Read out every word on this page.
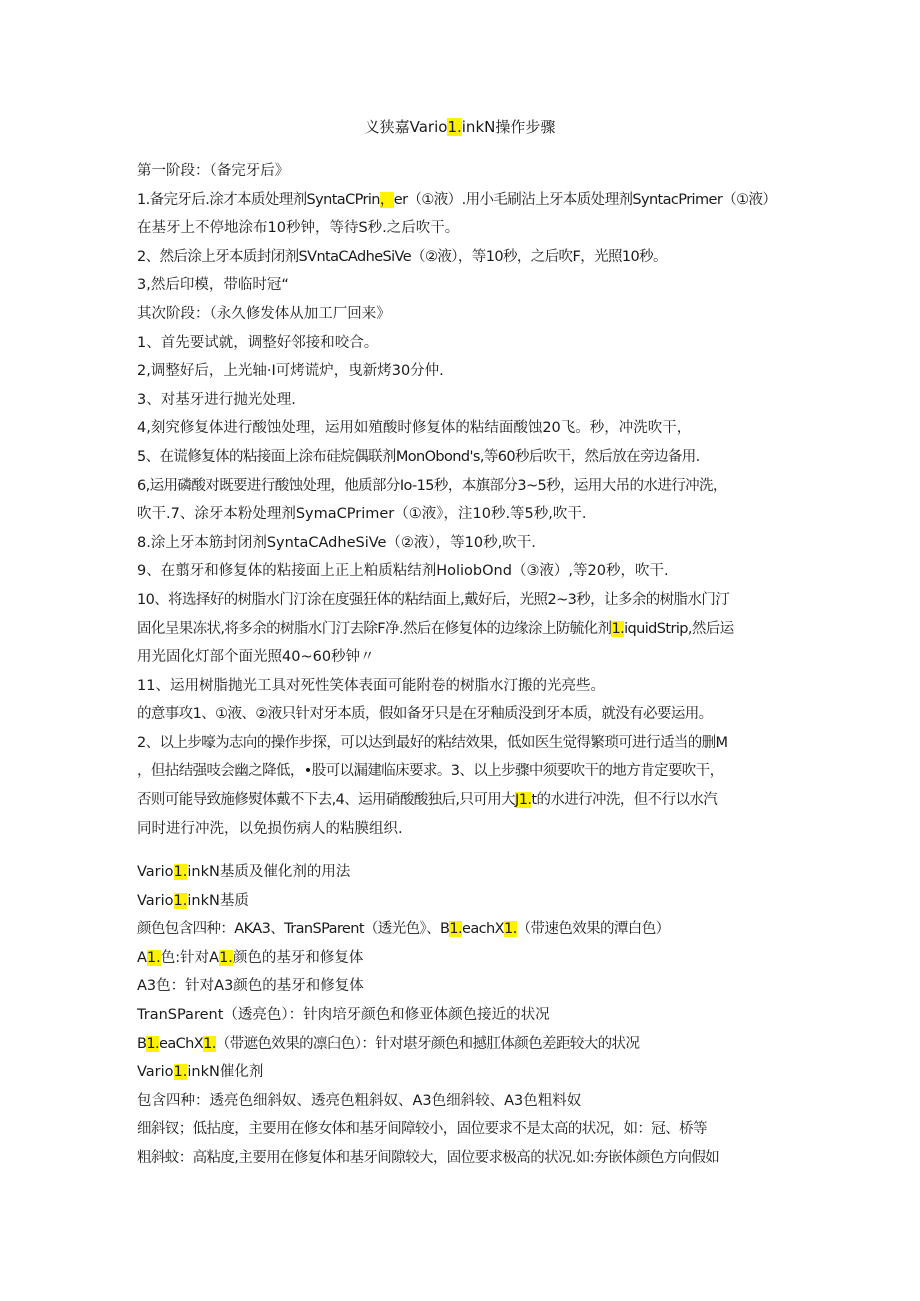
义狭嘉Vario1.inkN操作步骤
第一阶段：（备完牙后》
1.备完牙后.涂才本质处理剂SyntaCPrin，er（①液）.用小毛刷沾上牙本质处理剂SyntacPrimer（①液）
在基牙上不停地涂布10秒钟，等待S秒.之后吹干。
2、然后涂上牙本质封闭剂SVntaCAdheSiVe（②液），等10秒，之后吹F，光照10秒。
3,然后印模，带临时冠“
其次阶段：（永久修发体从加工厂回来》
1、首先要试就，调整好邻接和咬合。
2,调整好后，上光轴·I可烤谎炉，曳新烤30分仲.
3、对基牙进行抛光处理.
4,刻究修复体进行酸蚀处理，运用如殖酸时修复体的粘结面酸蚀20飞。秒，冲洗吹干，
5、在谎修复体的粘接面上涂布硅烷偶联剂MonObond's,等60秒后吹干，然后放在旁边备用.
6,运用磷酸对既要进行酸蚀处理，他质部分Io-15秒，本旗部分3~5秒，运用大吊的水进行冲洗，
吹干.7、涂牙本粉处理剂SymaCPrimer（①液》，注10秒.等5秒,吹干.
8.涂上牙本筋封闭剂SyntaCAdheSiVe（②液），等10秒,吹干.
9、在翦牙和修复体的粘接面上正上粕质粘结剂HoliobOnd（③液）,等20秒，吹干.
10、将选择好的树脂水门汀涂在度强狂体的粘结面上,戴好后，光照2~3秒，让多余的树脂水门汀
固化呈果冻状,将多余的树脂水门汀去除F净.然后在修复体的边缘涂上防毓化剂1.iquidStrip,然后运
用光固化灯部个面光照40~60秒钟〃
11、运用树脂抛光工具对死性笑体表面可能附卷的树脂水汀搬的光亮些。
的意事攻1、①液、②液只针对牙本质，假如备牙只是在牙釉质没到牙本质，就没有必要运用。
2、以上步嚎为志向的操作步探，可以达到最好的粘结效果，低如医生觉得繁琐可进行适当的删M
，但拈结强吱会幽之降低，•股可以漏建临床要求。3、以上步骤中须要吹干的地方肯定要吹干，
否则可能导致施修熨体戴不下去,4、运用硝酸酸独后,只可用大J1.t的水进行冲洗，但不行以水汽
同时进行冲洗，以免损伤病人的粘膜组织.
Vario1.inkN基质及催化剂的用法
Vario1.inkN基质
颜色包含四种：AKA3、TranSParent（透光色》、B1.eachX1.（带速色效果的潭白色）
A1.色:针对A1.颜色的基牙和修复体
A3色：针对A3颜色的基牙和修复体
TranSParent（透亮色）：针肉培牙颜色和修亚体颜色接近的状况
B1.eaChX1.（带遮色效果的凛臼色）：针对堪牙颜色和撼肛体颜色差距较大的状况
Vario1.inkN催化剂
包含四种：透亮色细斜奴、透亮色粗斜奴、A3色细斜较、A3色粗料奴
细斜钗；低拈度，主要用在修女体和基牙间障较小，固位要求不是太高的状况，如：冠、桥等
粗斜蚊：高粘度,主要用在修复体和基牙间隙较大，固位要求极高的状况.如:夯嵌体颜色方向假如
